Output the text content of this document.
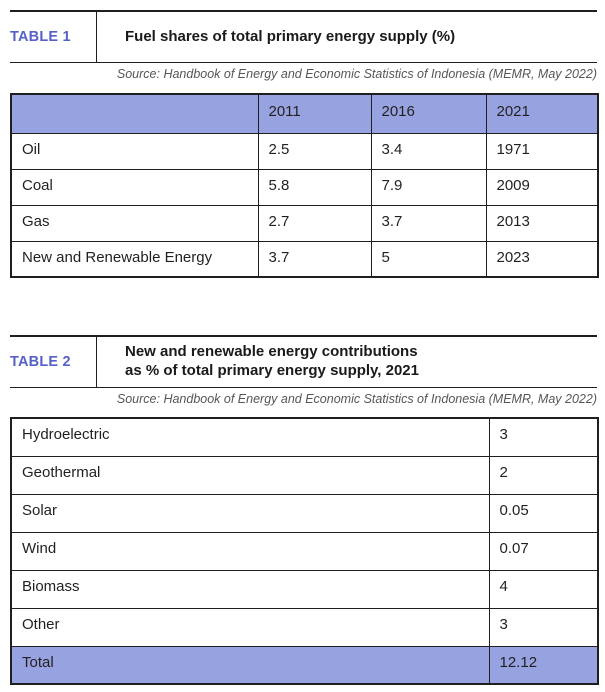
TABLE 1	Fuel shares of total primary energy supply (%)
Source: Handbook of Energy and Economic Statistics of Indonesia (MEMR, May 2022)
	2011	2016	2021
Oil	2.5	3.4	1971
Coal	5.8	7.9	2009
Gas	2.7	3.7	2013
New and Renewable Energy	3.7	5	2023
TABLE 2
New and renewable energy contributions
as % of total primary energy supply, 2021
Source: Handbook of Energy and Economic Statistics of Indonesia (MEMR, May 2022)
Hydroelectric	3
Geothermal	2
Solar	0.05
Wind	0.07
Biomass	4
Other	3
Total	12.12
